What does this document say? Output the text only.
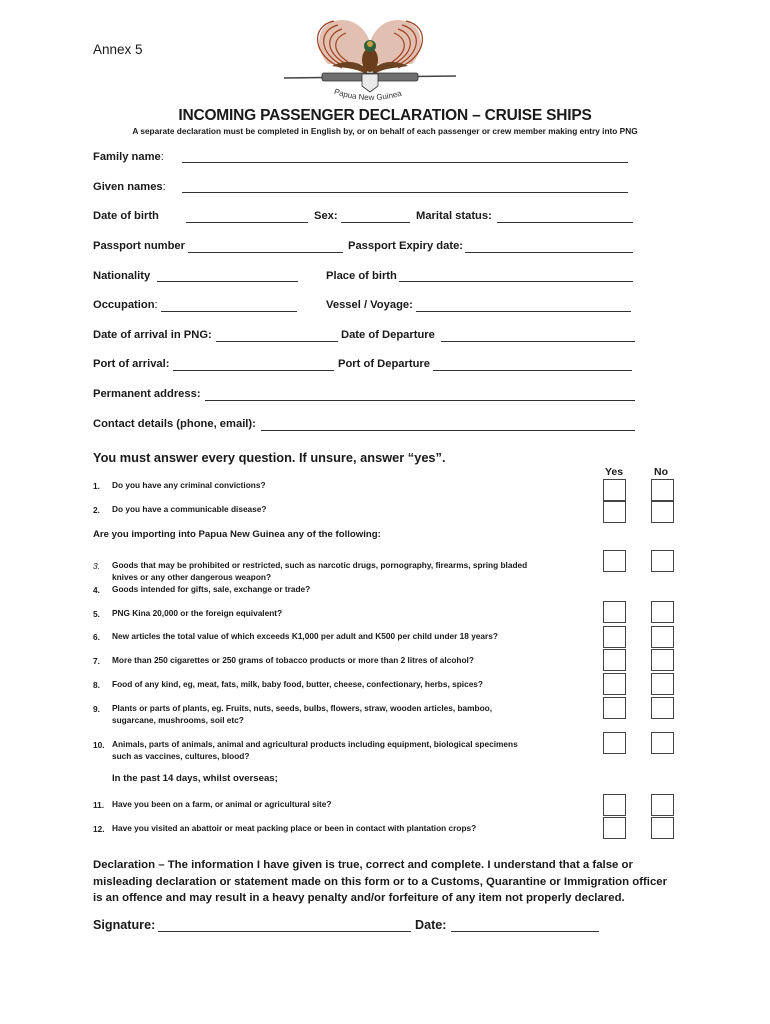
Annex 5
Papua New Guinea
INCOMING PASSENGER DECLARATION – CRUISE SHIPS
A separate declaration must be completed in English by, or on behalf of each passenger or crew member making entry into PNG
Family name:
Given names:
Date of birth	Sex:	Marital status:
Passport number	Passport Expiry date:
Nationality	Place of birth
Occupation:	Vessel / Voyage:
Date of arrival in PNG:	Date of Departure
Port of arrival:	Port of Departure
Permanent address:
Contact details (phone, email):
You must answer every question. If unsure, answer “yes”.
Yes	No
1. Do you have any criminal convictions?
2. Do you have a communicable disease?
Are you importing into Papua New Guinea any of the following:
3. Goods that may be prohibited or restricted, such as narcotic drugs, pornography, firearms, spring bladed
knives or any other dangerous weapon?
4. Goods intended for gifts, sale, exchange or trade?
5. PNG Kina 20,000 or the foreign equivalent?
6. New articles the total value of which exceeds K1,000 per adult and K500 per child under 18 years?
7. More than 250 cigarettes or 250 grams of tobacco products or more than 2 litres of alcohol?
8. Food of any kind, eg, meat, fats, milk, baby food, butter, cheese, confectionary, herbs, spices?
9. Plants or parts of plants, eg. Fruits, nuts, seeds, bulbs, flowers, straw, wooden articles, bamboo,
sugarcane, mushrooms, soil etc?
10. Animals, parts of animals, animal and agricultural products including equipment, biological specimens
such as vaccines, cultures, blood?
In the past 14 days, whilst overseas;
11. Have you been on a farm, or animal or agricultural site?
12. Have you visited an abattoir or meat packing place or been in contact with plantation crops?
Declaration – The information I have given is true, correct and complete. I understand that a false or misleading declaration or statement made on this form or to a Customs, Quarantine or Immigration officer is an offence and may result in a heavy penalty and/or forfeiture of any item not properly declared.
Signature:	Date:
